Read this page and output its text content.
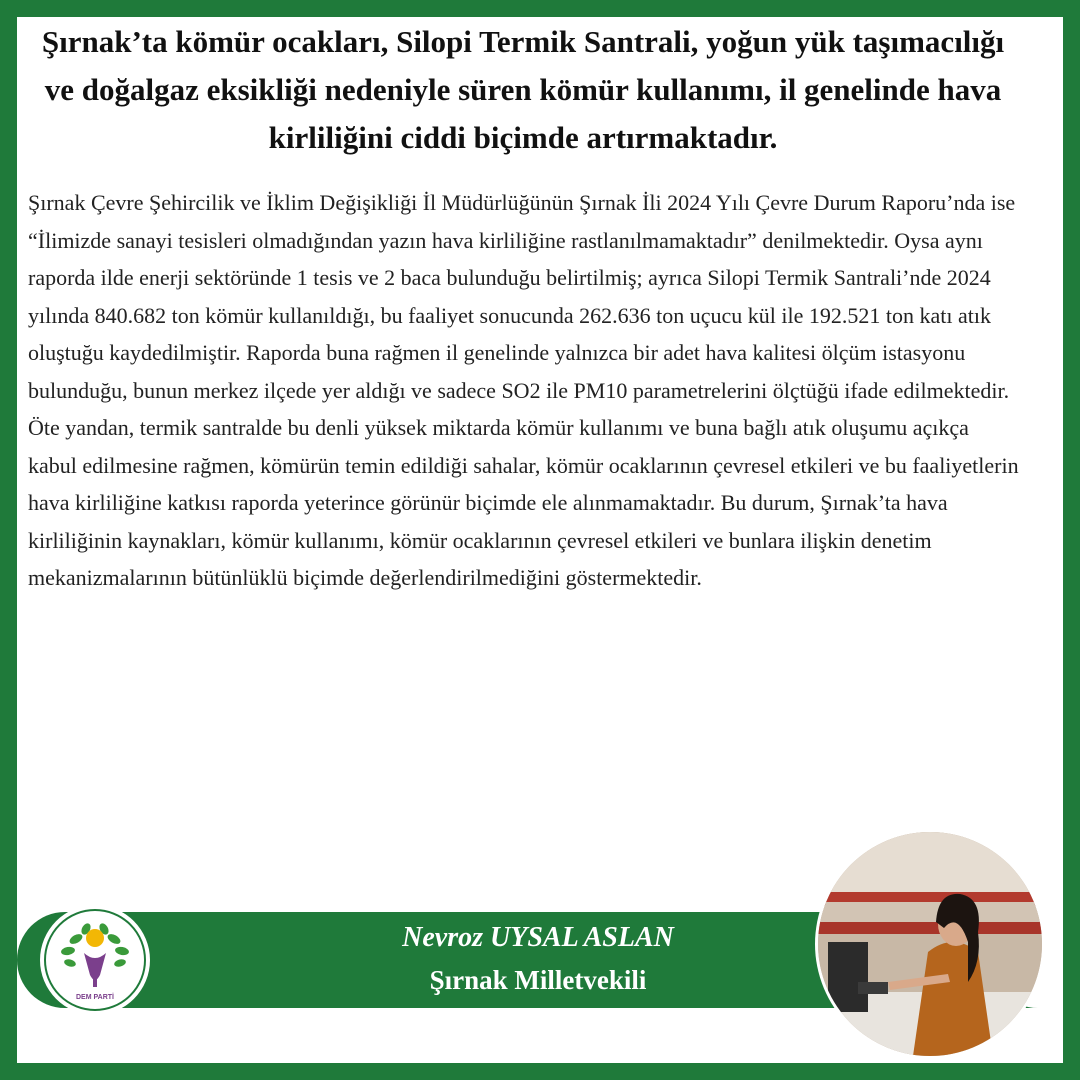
Şırnak’ta kömür ocakları, Silopi Termik Santrali, yoğun yük taşımacılığı ve doğalgaz eksikliği nedeniyle süren kömür kullanımı, il genelinde hava kirliliğini ciddi biçimde artırmaktadır.

Şırnak Çevre Şehircilik ve İklim Değişikliği İl Müdürlüğünün Şırnak İli 2024 Yılı Çevre Durum Raporu’nda ise “İlimizde sanayi tesisleri olmadığından yazın hava kirliliğine rastlanılmamaktadır” denilmektedir. Oysa aynı raporda ilde enerji sektöründe 1 tesis ve 2 baca bulunduğu belirtilmiş; ayrıca Silopi Termik Santrali’nde 2024 yılında 840.682 ton kömür kullanıldığı, bu faaliyet sonucunda 262.636 ton uçucu kül ile 192.521 ton katı atık oluştuğu kaydedilmiştir. Raporda buna rağmen il genelinde yalnızca bir adet hava kalitesi ölçüm istasyonu bulunduğu, bunun merkez ilçede yer aldığı ve sadece SO2 ile PM10 parametrelerini ölçtüğü ifade edilmektedir. Öte yandan, termik santralde bu denli yüksek miktarda kömür kullanımı ve buna bağlı atık oluşumu açıkça kabul edilmesine rağmen, kömürün temin edildiği sahalar, kömür ocaklarının çevresel etkileri ve bu faaliyetlerin hava kirliliğine katkısı raporda yeterince görünür biçimde ele alınmamaktadır. Bu durum, Şırnak’ta hava kirliliğinin kaynakları, kömür kullanımı, kömür ocaklarının çevresel etkileri ve bunlara ilişkin denetim mekanizmalarının bütünlüklü biçimde değerlendirilmediğini göstermektedir.

DEM PARTİ
Nevroz UYSAL ASLAN
Şırnak Milletvekili
